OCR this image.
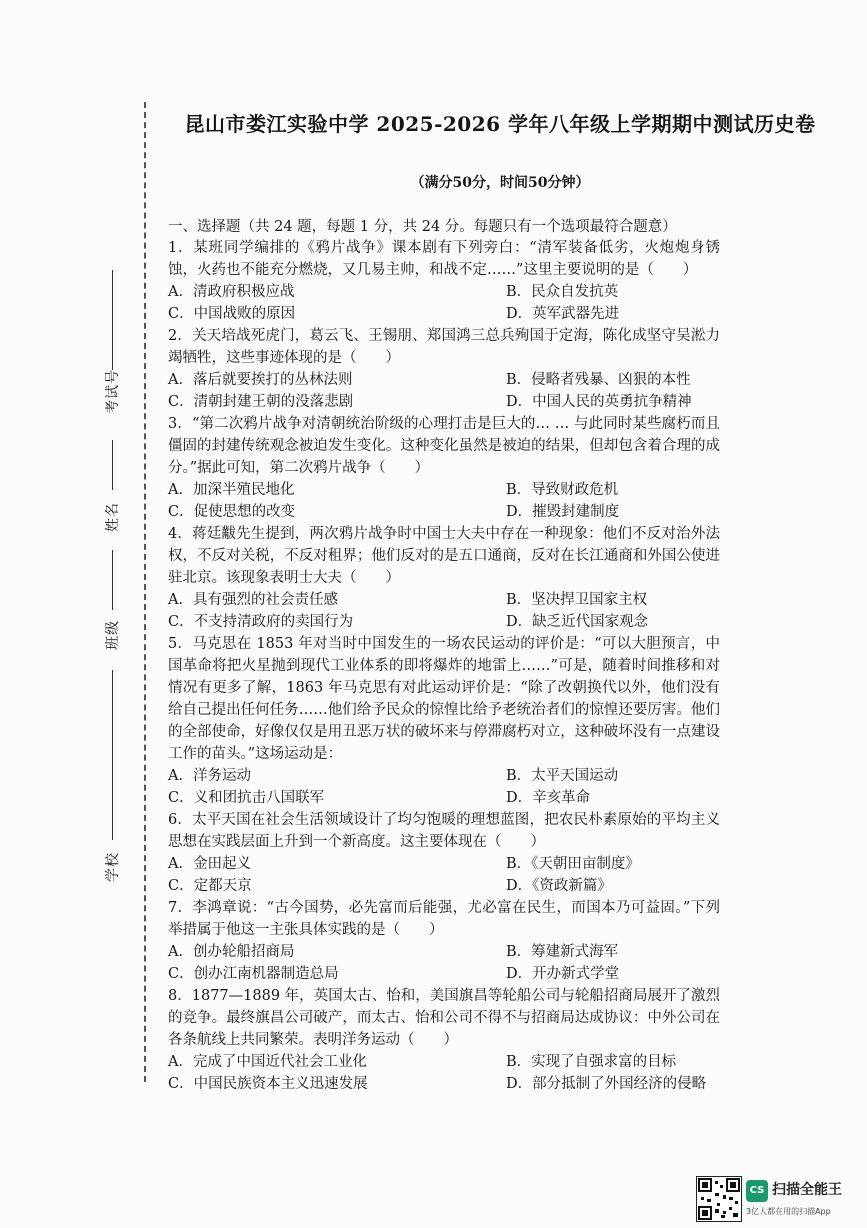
考试号
姓名
班级
学校
昆山市娄江实验中学 2025-2026 学年八年级上学期期中测试历史卷
（满分50分，时间50分钟）
一、选择题（共 24 题，每题 1 分，共 24 分。每题只有一个选项最符合题意）
1．某班同学编排的《鸦片战争》课本剧有下列旁白：“清军装备低劣，火炮炮身锈蚀，火药也不能充分燃烧，又几易主帅，和战不定……”这里主要说明的是（　　）
A．清政府积极应战	B．民众自发抗英
C．中国战败的原因	D．英军武器先进
2．关天培战死虎门，葛云飞、王锡朋、郑国鸿三总兵殉国于定海，陈化成坚守吴淞力竭牺牲，这些事迹体现的是（　　）
A．落后就要挨打的丛林法则	B．侵略者残暴、凶狠的本性
C．清朝封建王朝的没落悲剧	D．中国人民的英勇抗争精神
3．“第二次鸦片战争对清朝统治阶级的心理打击是巨大的… … 与此同时某些腐朽而且僵固的封建传统观念被迫发生变化。这种变化虽然是被迫的结果，但却包含着合理的成分。”据此可知，第二次鸦片战争（　　）
A．加深半殖民地化	B．导致财政危机
C．促使思想的改变	D．摧毁封建制度
4．蒋廷黻先生提到，两次鸦片战争时中国士大夫中存在一种现象：他们不反对治外法权，不反对关税，不反对租界；他们反对的是五口通商，反对在长江通商和外国公使进驻北京。该现象表明士大夫（　　）
A．具有强烈的社会责任感	B．坚决捍卫国家主权
C．不支持清政府的卖国行为	D．缺乏近代国家观念
5．马克思在 1853 年对当时中国发生的一场农民运动的评价是：“可以大胆预言，中国革命将把火星抛到现代工业体系的即将爆炸的地雷上……”可是，随着时间推移和对情况有更多了解，1863 年马克思有对此运动评价是：“除了改朝换代以外，他们没有给自己提出任何任务……他们给予民众的惊惶比给予老统治者们的惊惶还要厉害。他们的全部使命，好像仅仅是用丑恶万状的破坏来与停滞腐朽对立，这种破坏没有一点建设工作的苗头。”这场运动是：
A．洋务运动	B．太平天国运动
C．义和团抗击八国联军	D．辛亥革命
6．太平天国在社会生活领域设计了均匀饱暖的理想蓝图，把农民朴素原始的平均主义思想在实践层面上升到一个新高度。这主要体现在（　　）
A．金田起义	B．《天朝田亩制度》
C．定都天京	D．《资政新篇》
7．李鸿章说：“古今国势，必先富而后能强，尤必富在民生，而国本乃可益固。”下列举措属于他这一主张具体实践的是（　　）
A．创办轮船招商局	B．筹建新式海军
C．创办江南机器制造总局	D．开办新式学堂
8．1877—1889 年，英国太古、怡和，美国旗昌等轮船公司与轮船招商局展开了激烈的竞争。最终旗昌公司破产，而太古、怡和公司不得不与招商局达成协议：中外公司在各条航线上共同繁荣。表明洋务运动（　　）
A．完成了中国近代社会工业化	B．实现了自强求富的目标
C．中国民族资本主义迅速发展	D．部分抵制了外国经济的侵略
CS 扫描全能王
3亿人都在用的扫描App
